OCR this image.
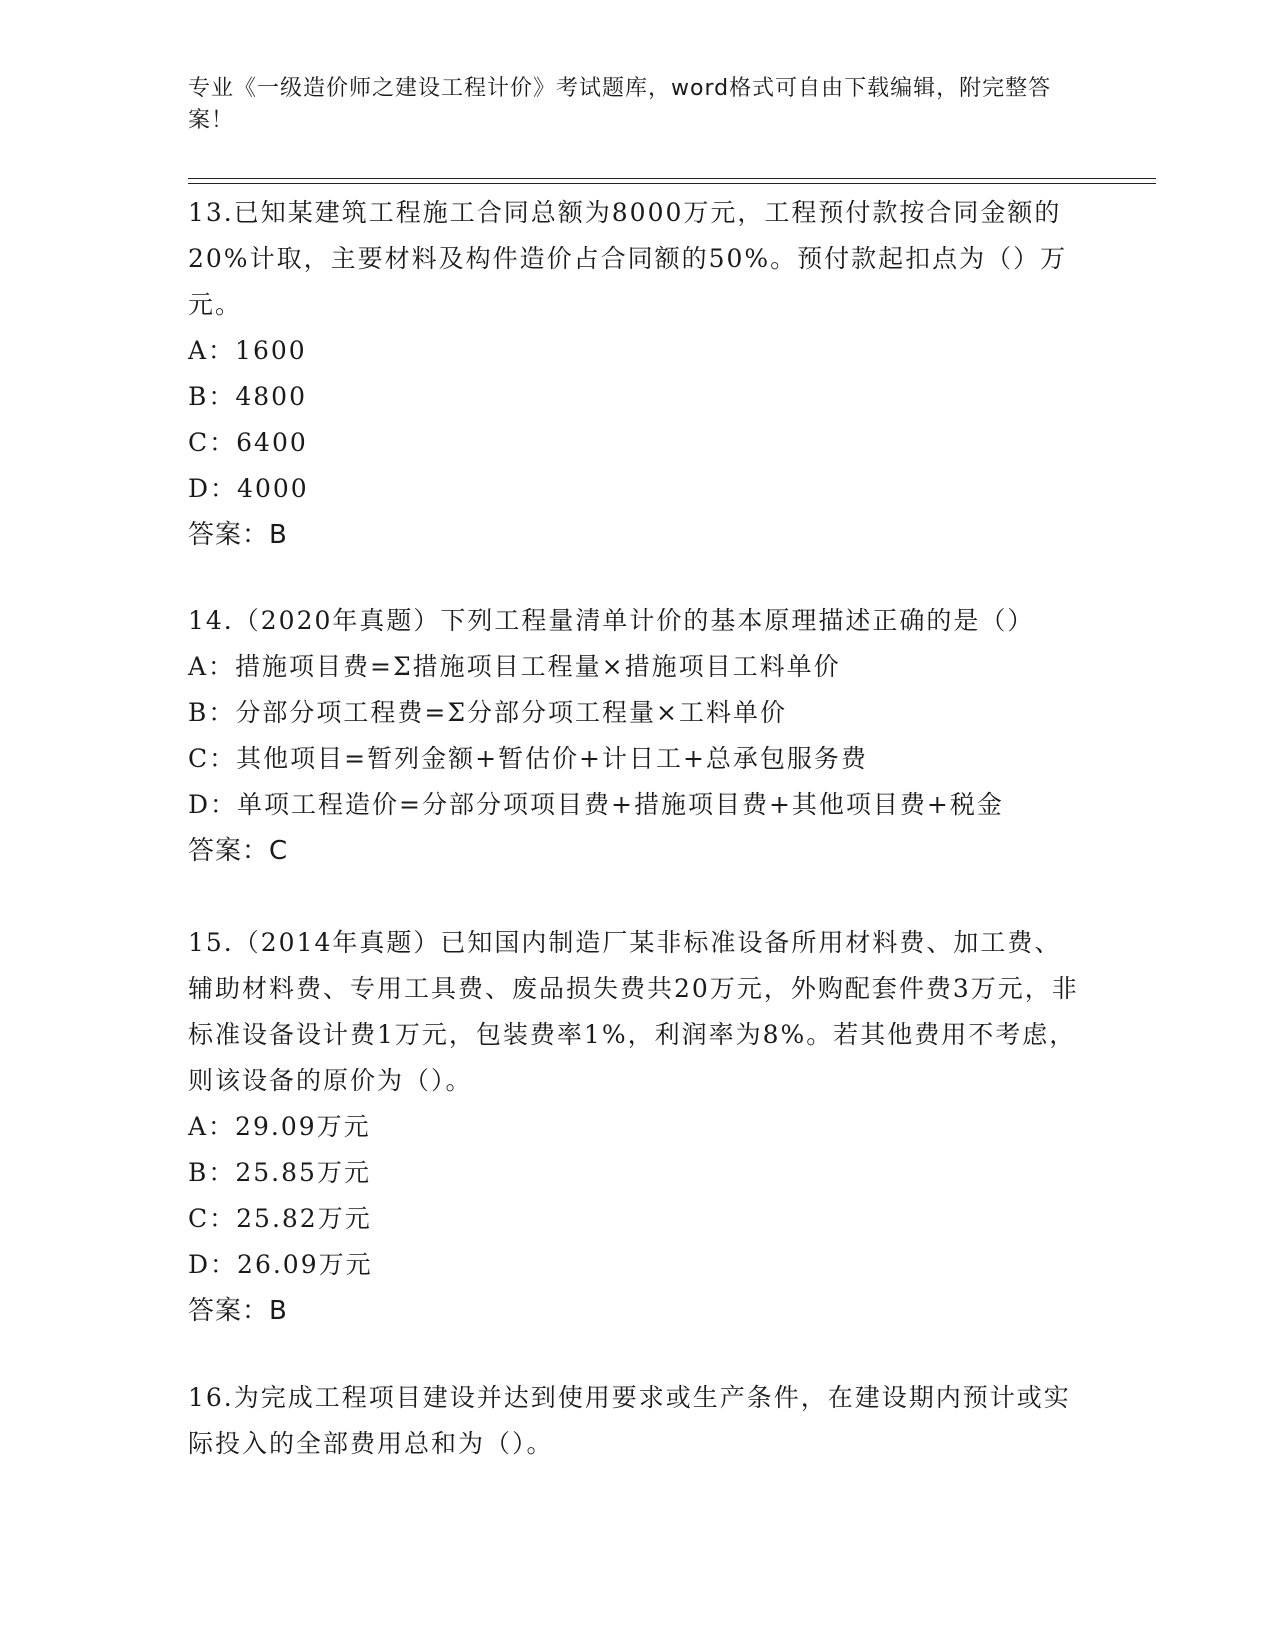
专业《一级造价师之建设工程计价》考试题库，word格式可自由下载编辑，附完整答案！
13.已知某建筑工程施工合同总额为8000万元，工程预付款按合同金额的20%计取，主要材料及构件造价占合同额的50%。预付款起扣点为（）万元。
A：1600
B：4800
C：6400
D：4000
答案：B
14.（2020年真题）下列工程量清单计价的基本原理描述正确的是（）
A：措施项目费=Σ措施项目工程量×措施项目工料单价
B：分部分项工程费=Σ分部分项工程量×工料单价
C：其他项目=暂列金额+暂估价+计日工+总承包服务费
D：单项工程造价=分部分项项目费+措施项目费+其他项目费+税金
答案：C
15.（2014年真题）已知国内制造厂某非标准设备所用材料费、加工费、辅助材料费、专用工具费、废品损失费共20万元，外购配套件费3万元，非标准设备设计费1万元，包装费率1%，利润率为8%。若其他费用不考虑，则该设备的原价为（）。
A：29.09万元
B：25.85万元
C：25.82万元
D：26.09万元
答案：B
16.为完成工程项目建设并达到使用要求或生产条件，在建设期内预计或实际投入的全部费用总和为（）。
